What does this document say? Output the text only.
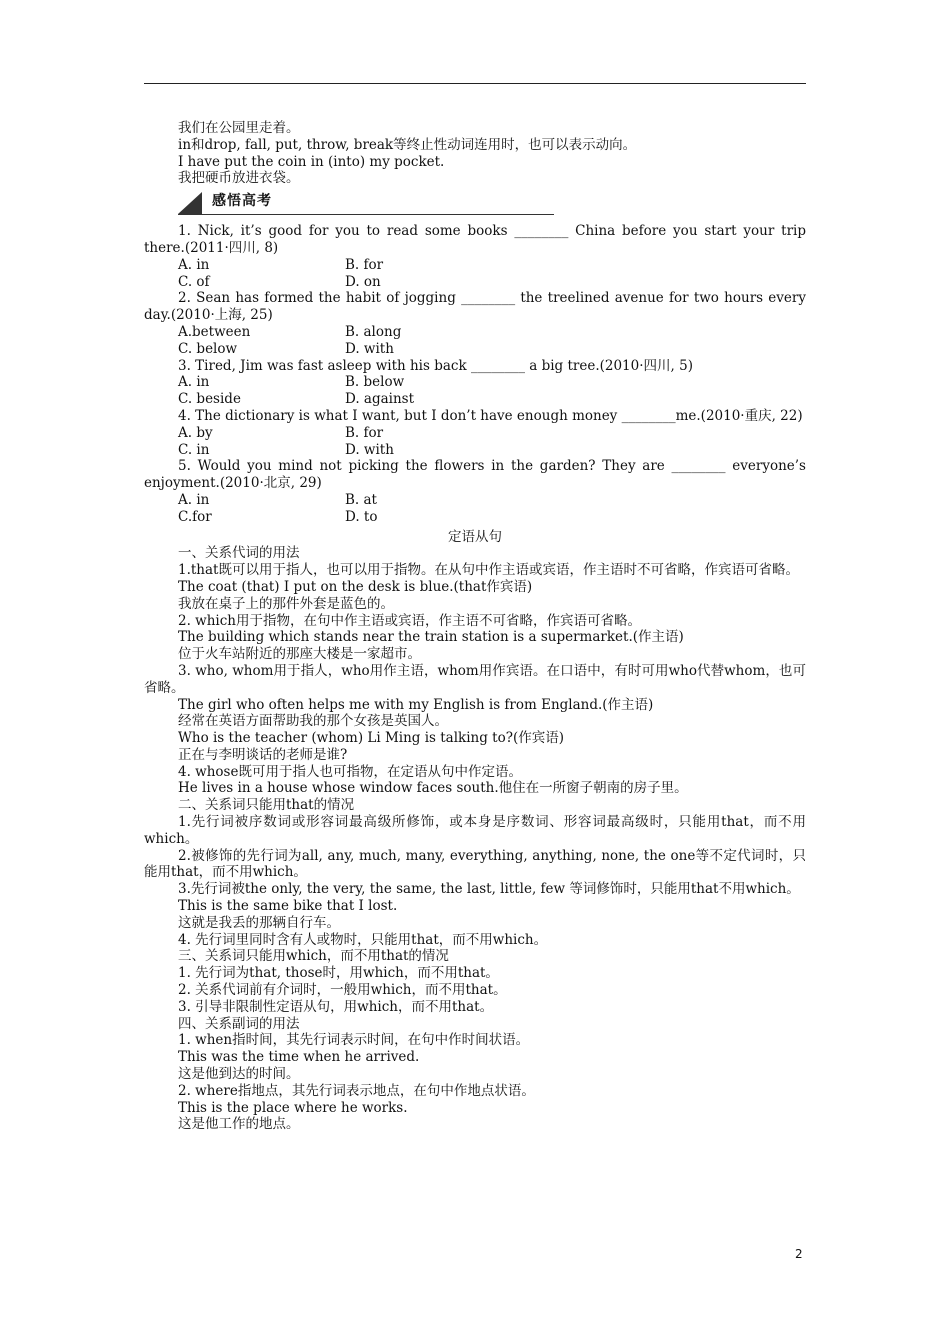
我们在公园里走着。
in和drop, fall, put, throw, break等终止性动词连用时，也可以表示动向。
I have put the coin in (into) my pocket.
我把硬币放进衣袋。
感悟高考
1. Nick, it’s good for you to read some books ________ China before you start your trip there.(2011·四川, 8)
A. in	B. for
C. of	D. on
2. Sean has formed the habit of jogging ________ the treelined avenue for two hours every day.(2010·上海, 25)
A.between	B. along
C. below	D. with
3. Tired, Jim was fast asleep with his back ________ a big tree.(2010·四川, 5)
A. in	B. below
C. beside	D. against
4. The dictionary is what I want, but I don’t have enough money ________me.(2010·重庆, 22)
A. by	B. for
C. in	D. with
5. Would you mind not picking the flowers in the garden? They are ________ everyone’s enjoyment.(2010·北京, 29)
A. in	B. at
C.for	D. to
定语从句
一、关系代词的用法
1.that既可以用于指人，也可以用于指物。在从句中作主语或宾语，作主语时不可省略，作宾语可省略。
The coat (that) I put on the desk is blue.(that作宾语)
我放在桌子上的那件外套是蓝色的。
2. which用于指物，在句中作主语或宾语，作主语不可省略，作宾语可省略。
The building which stands near the train station is a supermarket.(作主语)
位于火车站附近的那座大楼是一家超市。
3. who, whom用于指人，who用作主语，whom用作宾语。在口语中，有时可用who代替whom，也可省略。
The girl who often helps me with my English is from England.(作主语)
经常在英语方面帮助我的那个女孩是英国人。
Who is the teacher (whom) Li Ming is talking to?(作宾语)
正在与李明谈话的老师是谁?
4. whose既可用于指人也可指物，在定语从句中作定语。
He lives in a house whose window faces south.他住在一所窗子朝南的房子里。
二、关系词只能用that的情况
1.先行词被序数词或形容词最高级所修饰，或本身是序数词、形容词最高级时，只能用that，而不用which。
2.被修饰的先行词为all, any, much, many, everything, anything, none, the one等不定代词时，只能用that，而不用which。
3.先行词被the only, the very, the same, the last, little, few 等词修饰时，只能用that不用which。
This is the same bike that I lost.
这就是我丢的那辆自行车。
4. 先行词里同时含有人或物时，只能用that，而不用which。
三、关系词只能用which，而不用that的情况
1. 先行词为that, those时，用which，而不用that。
2. 关系代词前有介词时，一般用which，而不用that。
3. 引导非限制性定语从句，用which，而不用that。
四、关系副词的用法
1. when指时间，其先行词表示时间，在句中作时间状语。
This was the time when he arrived.
这是他到达的时间。
2. where指地点，其先行词表示地点，在句中作地点状语。
This is the place where he works.
这是他工作的地点。
2
